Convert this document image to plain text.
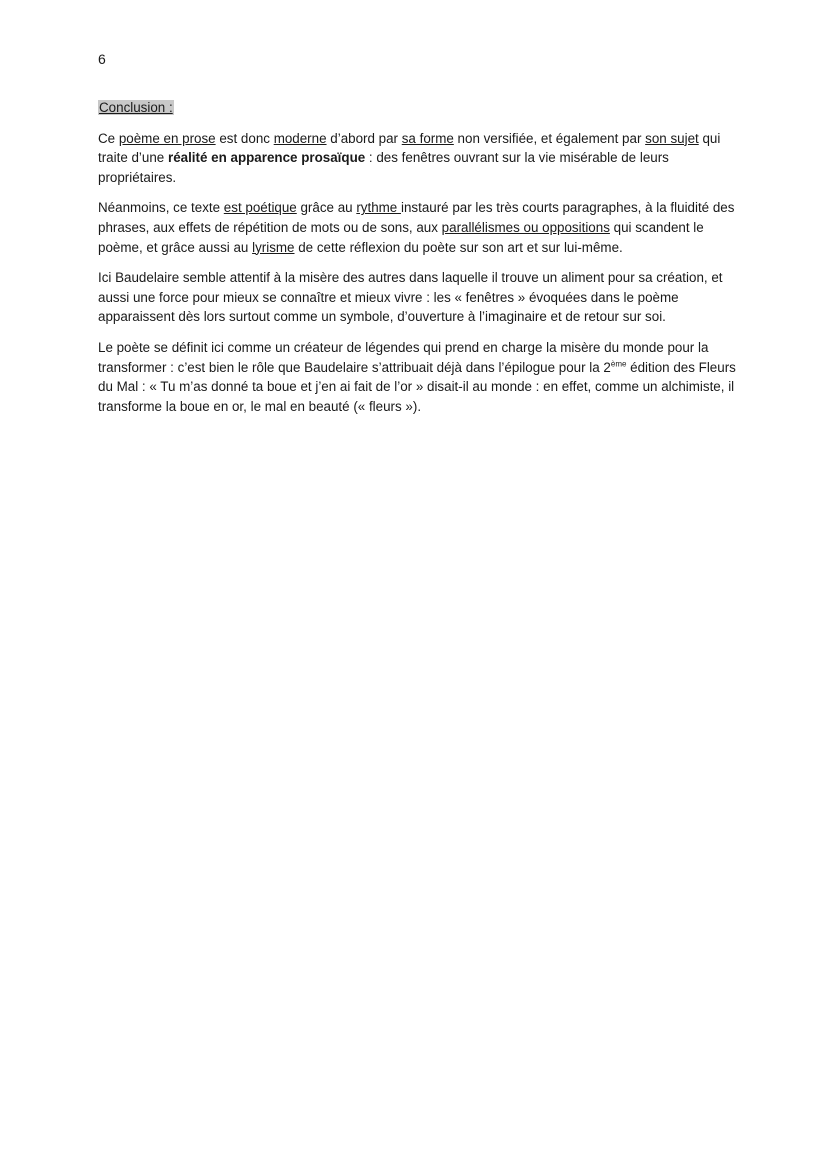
6
Conclusion :

Ce poème en prose est donc moderne d’abord par sa forme non versifiée, et également par son sujet qui traite d’une réalité en apparence prosaïque : des fenêtres ouvrant sur la vie misérable de leurs propriétaires.

Néanmoins, ce texte est poétique grâce au rythme instauré par les très courts paragraphes, à la fluidité des phrases, aux effets de répétition de mots ou de sons, aux parallélismes ou oppositions qui scandent le poème, et grâce aussi au lyrisme de cette réflexion du poète sur son art et sur lui-même.

Ici Baudelaire semble attentif à la misère des autres dans laquelle il trouve un aliment pour sa création, et aussi une force pour mieux se connaître et mieux vivre : les « fenêtres » évoquées dans le poème apparaissent dès lors surtout comme un symbole, d’ouverture à l’imaginaire et de retour sur soi.

Le poète se définit ici comme un créateur de légendes qui prend en charge la misère du monde pour la transformer : c’est bien le rôle que Baudelaire s’attribuait déjà dans l’épilogue pour la 2ème édition des Fleurs du Mal : « Tu m’as donné ta boue et j’en ai fait de l’or » disait-il au monde : en effet, comme un alchimiste, il transforme la boue en or, le mal en beauté (« fleurs »).
